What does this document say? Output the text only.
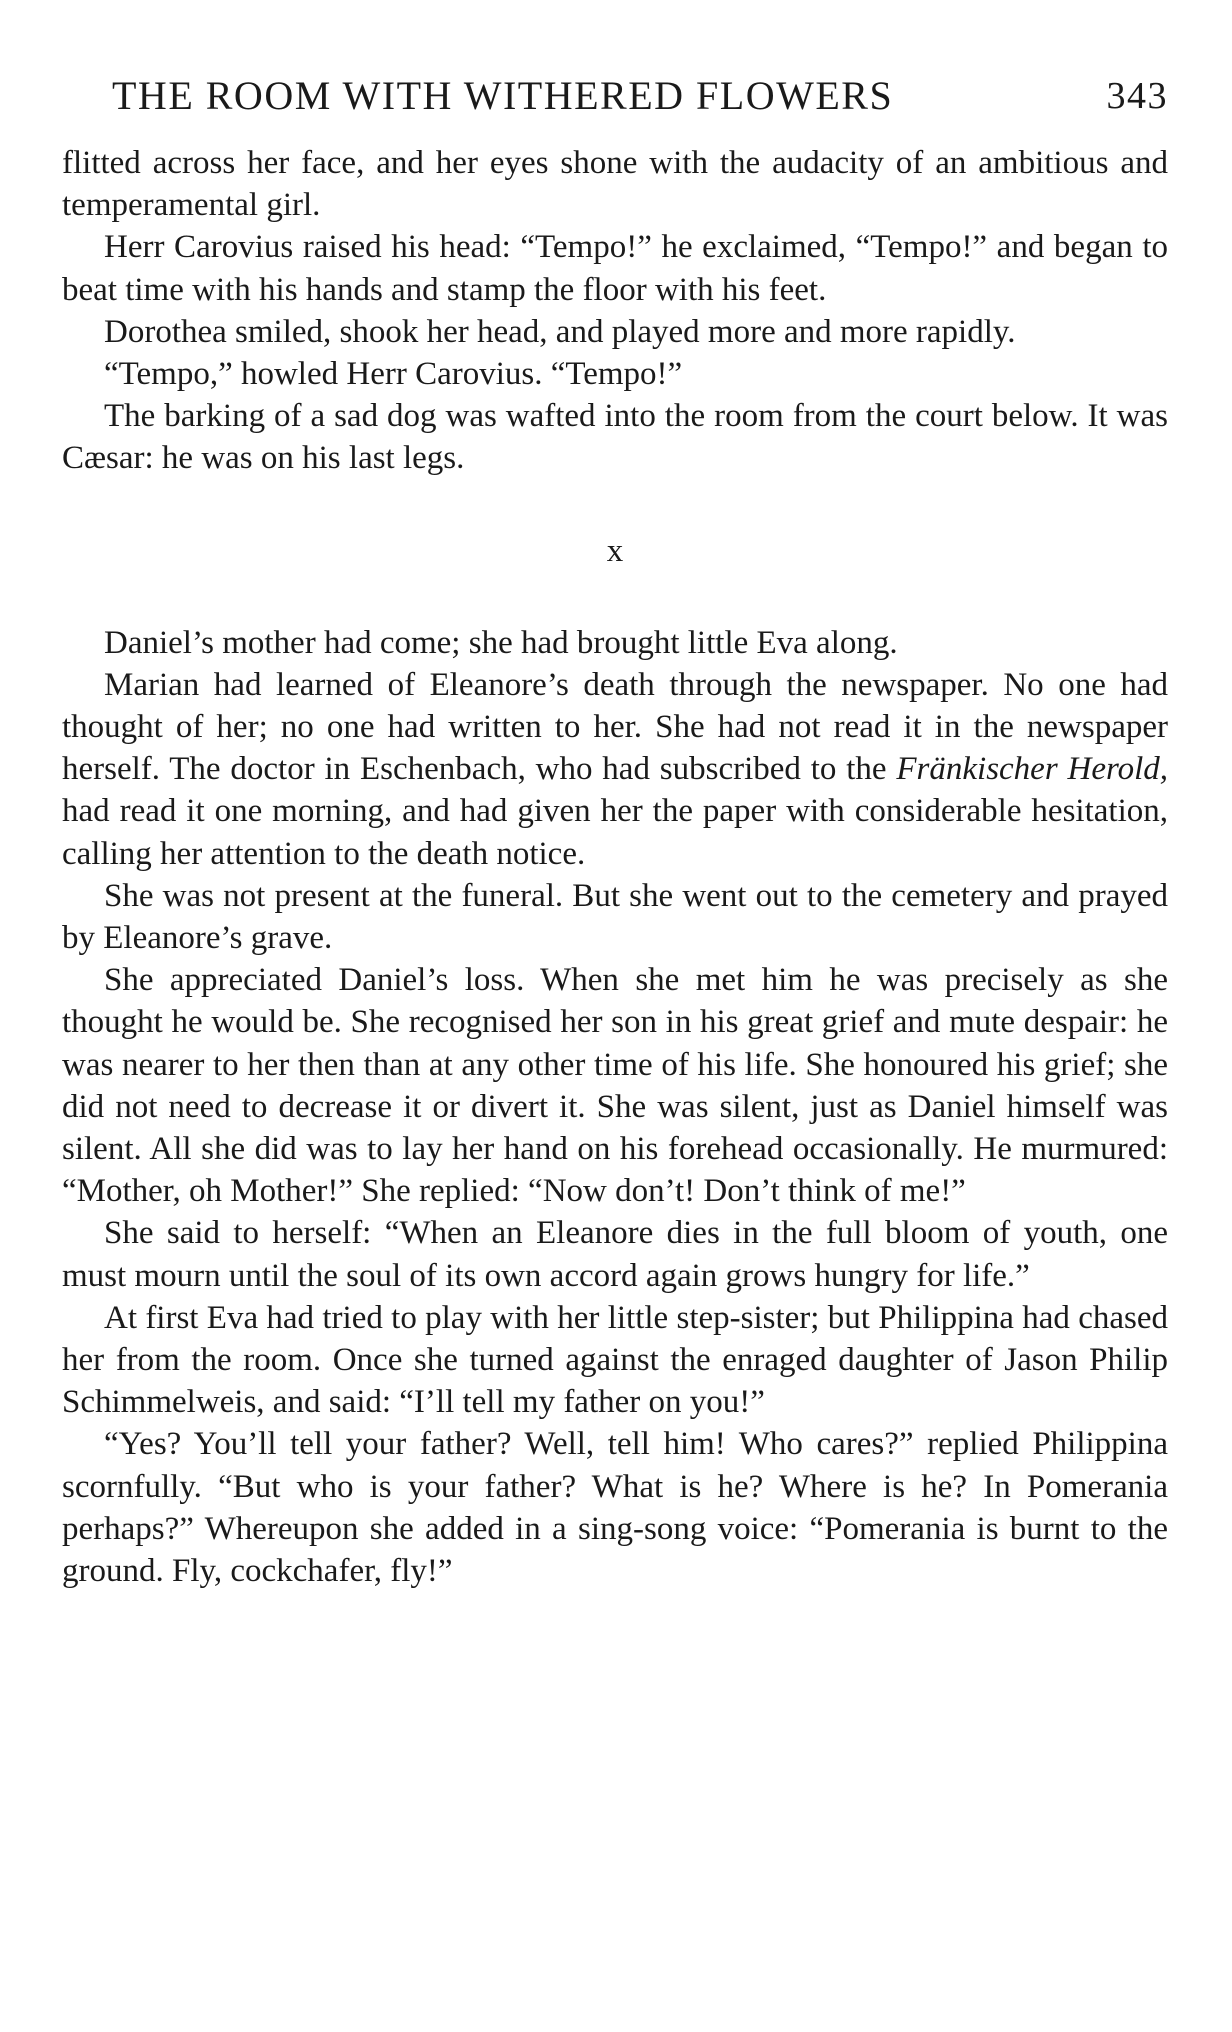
THE ROOM WITH WITHERED FLOWERS	343

flitted across her face, and her eyes shone with the audacity of an ambitious and temperamental girl.

Herr Carovius raised his head: “Tempo!” he exclaimed, “Tempo!” and began to beat time with his hands and stamp the floor with his feet.

Dorothea smiled, shook her head, and played more and more rapidly.

“Tempo,” howled Herr Carovius. “Tempo!”

The barking of a sad dog was wafted into the room from the court below. It was Cæsar: he was on his last legs.

x

Daniel’s mother had come; she had brought little Eva along.

Marian had learned of Eleanore’s death through the newspaper. No one had thought of her; no one had written to her. She had not read it in the newspaper herself. The doctor in Eschenbach, who had subscribed to the Fränkischer Herold, had read it one morning, and had given her the paper with considerable hesitation, calling her attention to the death notice.

She was not present at the funeral. But she went out to the cemetery and prayed by Eleanore’s grave.

She appreciated Daniel’s loss. When she met him he was precisely as she thought he would be. She recognised her son in his great grief and mute despair: he was nearer to her then than at any other time of his life. She honoured his grief; she did not need to decrease it or divert it. She was silent, just as Daniel himself was silent. All she did was to lay her hand on his forehead occasionally. He murmured: “Mother, oh Mother!” She replied: “Now don’t! Don’t think of me!”

She said to herself: “When an Eleanore dies in the full bloom of youth, one must mourn until the soul of its own accord again grows hungry for life.”

At first Eva had tried to play with her little step-sister; but Philippina had chased her from the room. Once she turned against the enraged daughter of Jason Philip Schimmelweis, and said: “I’ll tell my father on you!”

“Yes? You’ll tell your father? Well, tell him! Who cares?” replied Philippina scornfully. “But who is your father? What is he? Where is he? In Pomerania perhaps?” Whereupon she added in a sing-song voice: “Pomerania is burnt to the ground. Fly, cockchafer, fly!”
